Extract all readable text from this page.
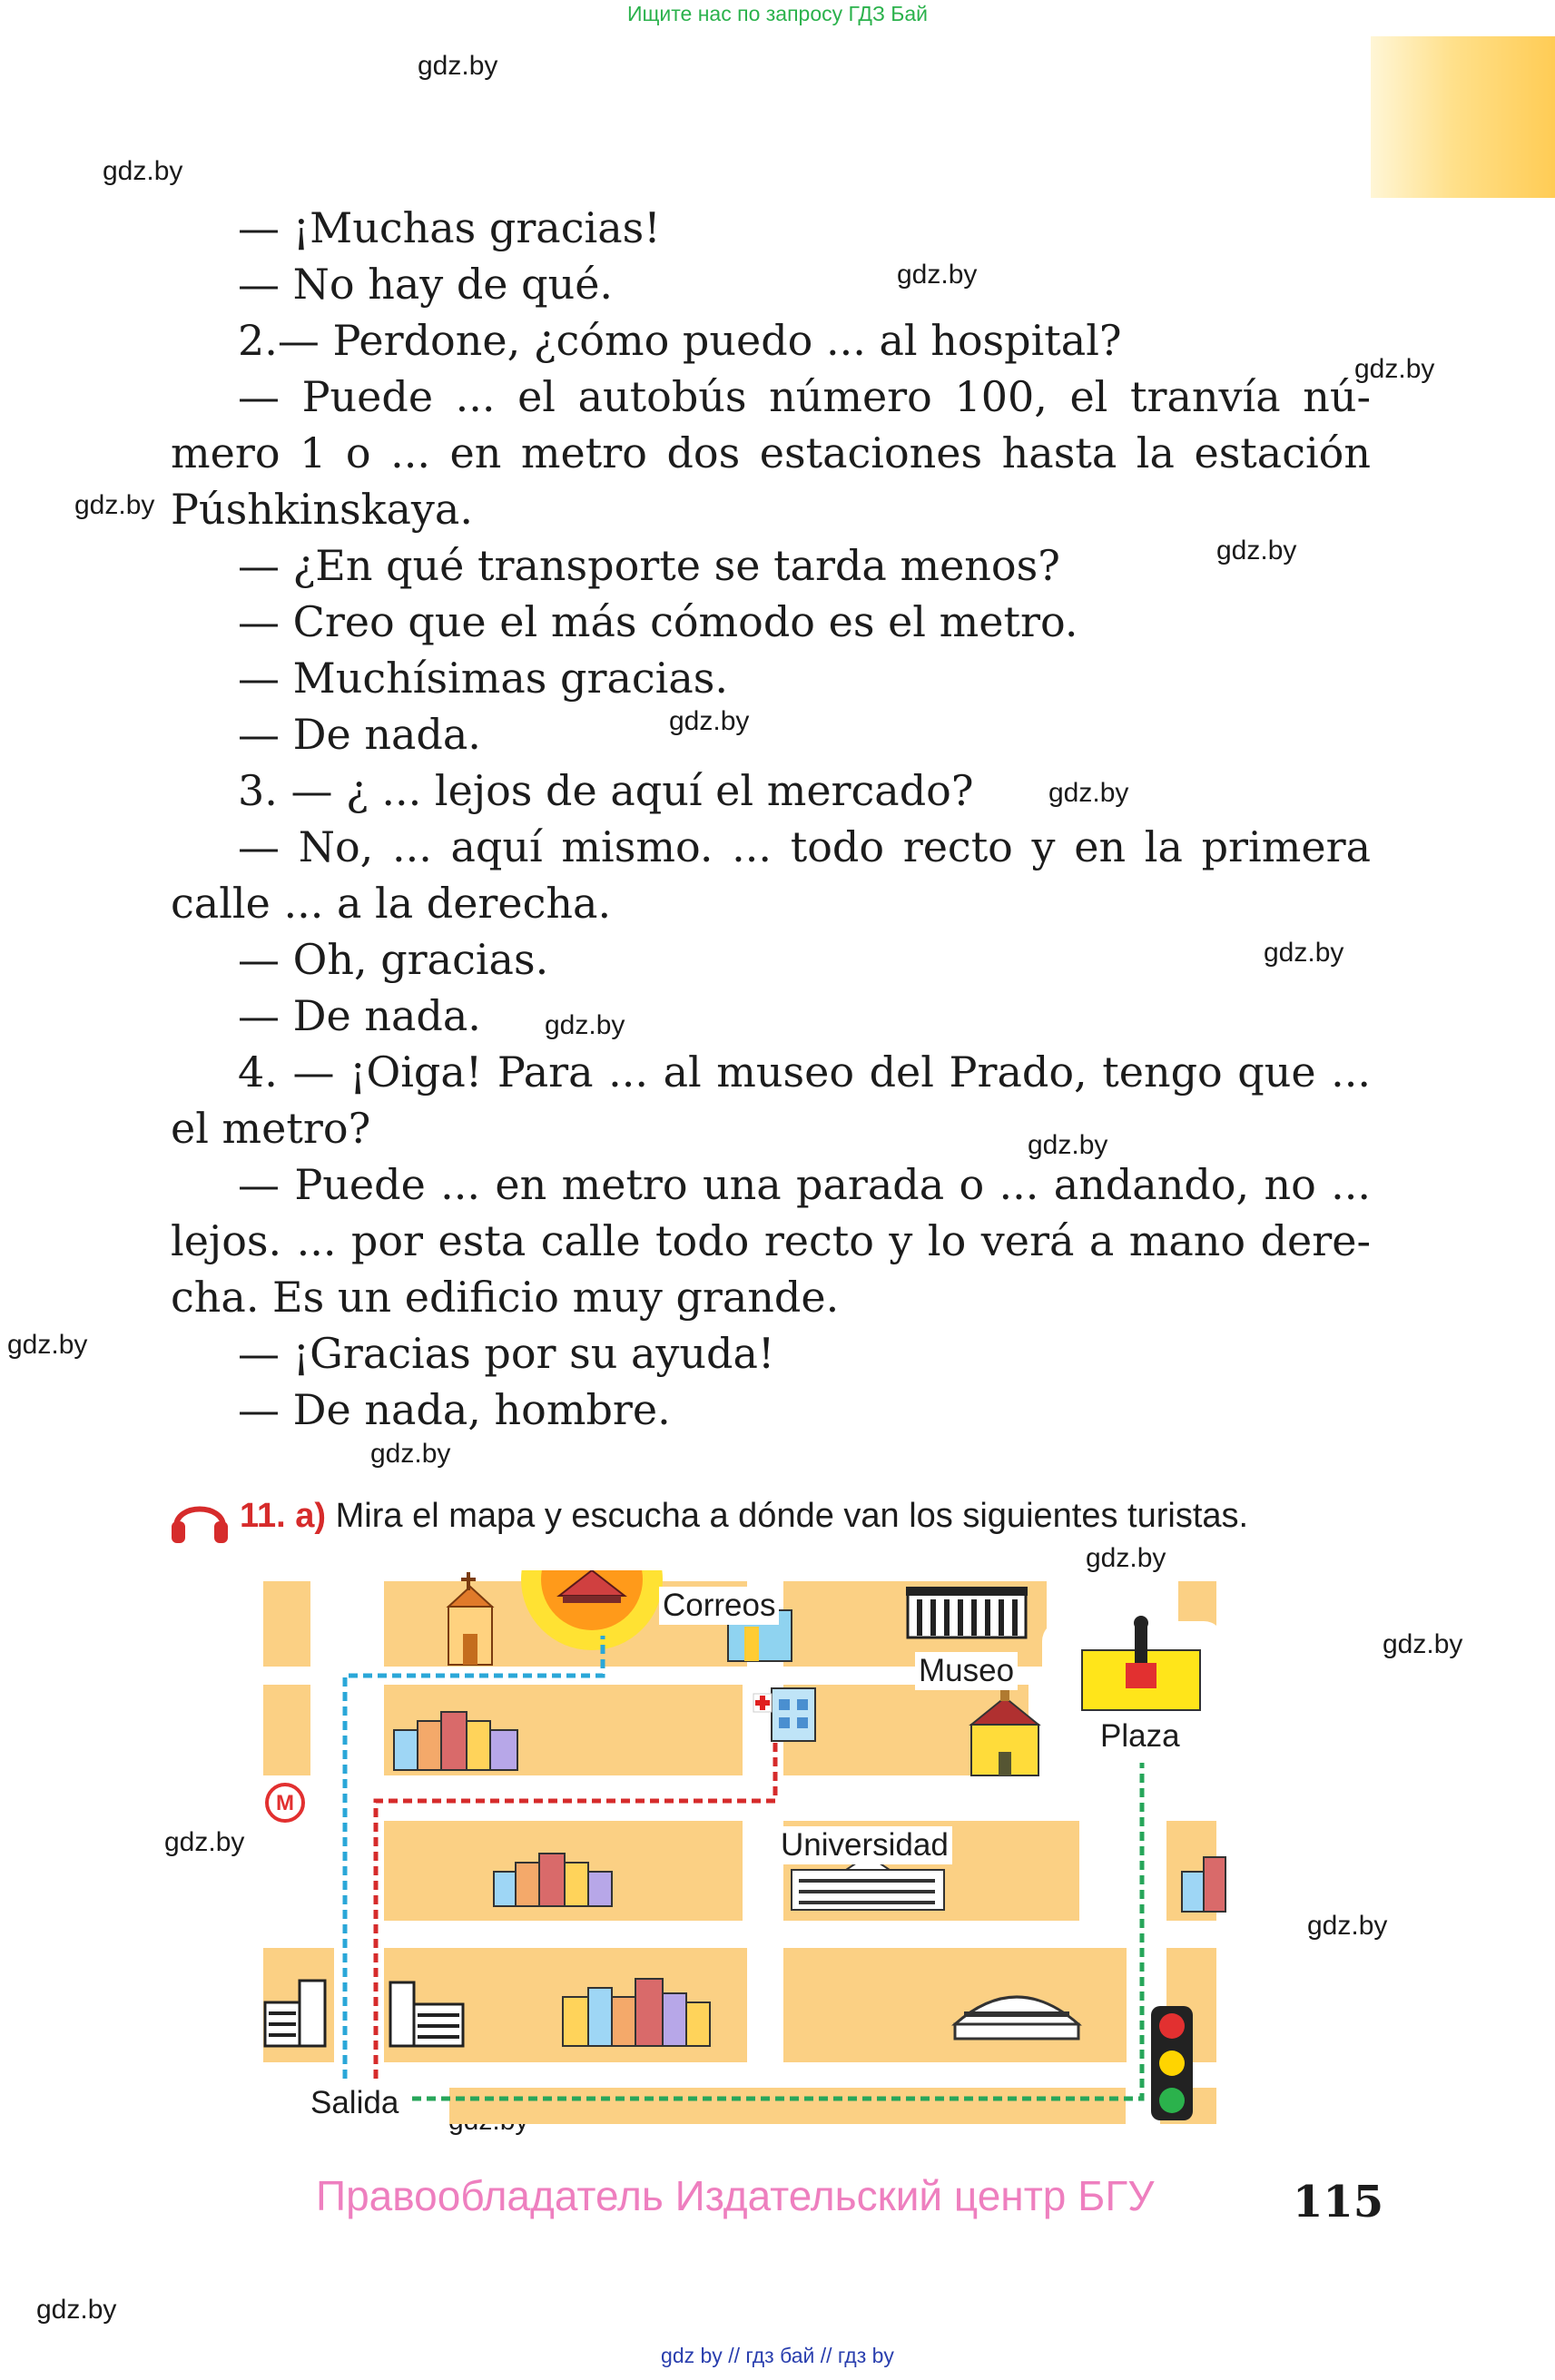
Ищите нас по запросу ГДЗ Бай
gdz.by
gdz.by
gdz.by
gdz.by
gdz.by
gdz.by
gdz.by
gdz.by
gdz.by
gdz.by
gdz.by
gdz.by
gdz.by
gdz.by
gdz.by
gdz.by
gdz.by
gdz.by
— ¡Muchas gracias!
— No hay de qué.
2.— Perdone, ¿cómo puedo ... al hospital?
— Puede ... el autobús número 100, el tranvía nú-
mero 1 o ... en metro dos estaciones hasta la estación
Púshkinskaya.
— ¿En qué transporte se tarda menos?
— Creo que el más cómodo es el metro.
— Muchísimas gracias.
— De nada.
3. — ¿ ... lejos de aquí el mercado?
— No, ... aquí mismo. ... todo recto y en la primera
calle ... a la derecha.
— Oh, gracias.
— De nada.
4. — ¡Oiga! Para ... al museo del Prado, tengo que ...
el metro?
— Puede ... en metro una parada o ... andando, no ...
lejos. ... por esta calle todo recto y lo verá a mano dere-
cha. Es un edificio muy grande.
— ¡Gracias por su ayuda!
— De nada, hombre.
11. a) Mira el mapa y escucha a dónde van los siguientes turistas.
M
Correos
Museo
Plaza
Universidad
Salida
Правообладатель Издательский центр БГУ	115
gdz by // гдз бай // гдз by
